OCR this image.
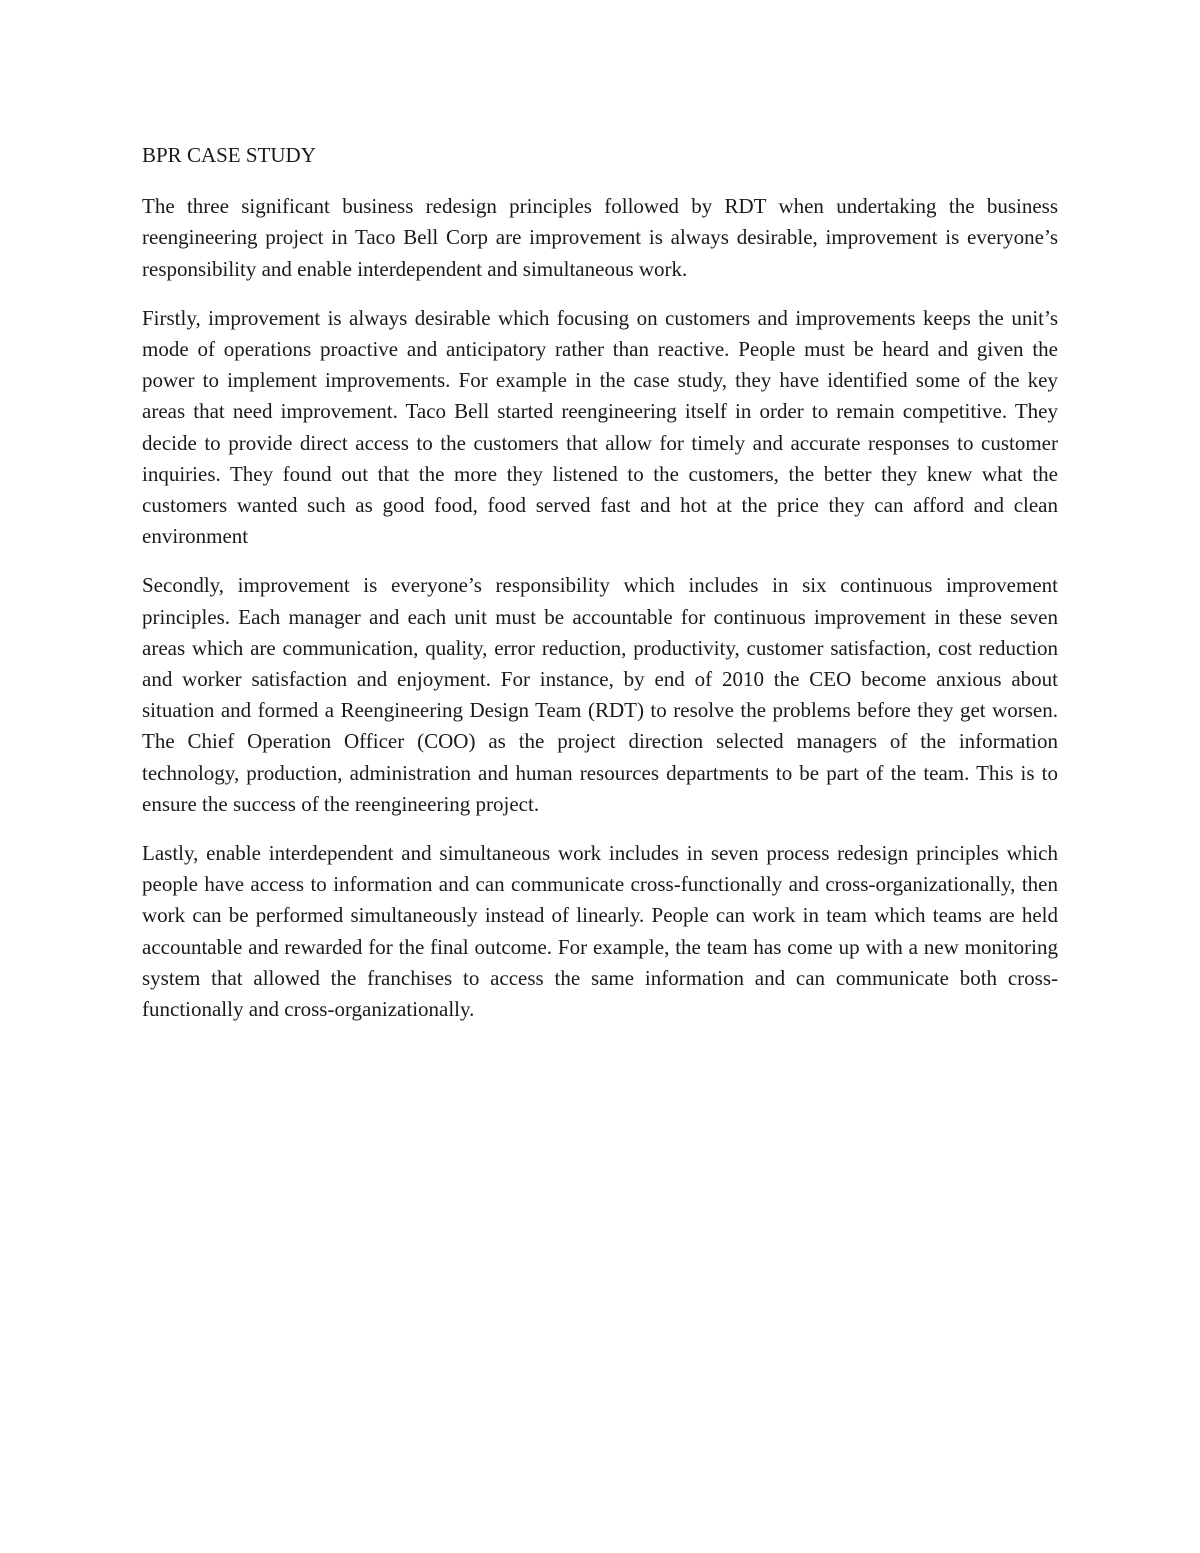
BPR CASE STUDY

The three significant business redesign principles followed by RDT when undertaking the business reengineering project in Taco Bell Corp are improvement is always desirable, improvement is everyone’s responsibility and enable interdependent and simultaneous work.

Firstly, improvement is always desirable which focusing on customers and improvements keeps the unit’s mode of operations proactive and anticipatory rather than reactive. People must be heard and given the power to implement improvements. For example in the case study, they have identified some of the key areas that need improvement. Taco Bell started reengineering itself in order to remain competitive. They decide to provide direct access to the customers that allow for timely and accurate responses to customer inquiries. They found out that the more they listened to the customers, the better they knew what the customers wanted such as good food, food served fast and hot at the price they can afford and clean environment

Secondly, improvement is everyone’s responsibility which includes in six continuous improvement principles. Each manager and each unit must be accountable for continuous improvement in these seven areas which are communication, quality, error reduction, productivity, customer satisfaction, cost reduction and worker satisfaction and enjoyment. For instance, by end of 2010 the CEO become anxious about situation and formed a Reengineering Design Team (RDT) to resolve the problems before they get worsen. The Chief Operation Officer (COO) as the project direction selected managers of the information technology, production, administration and human resources departments to be part of the team. This is to ensure the success of the reengineering project.

Lastly, enable interdependent and simultaneous work includes in seven process redesign principles which people have access to information and can communicate cross-functionally and cross-organizationally, then work can be performed simultaneously instead of linearly. People can work in team which teams are held accountable and rewarded for the final outcome. For example, the team has come up with a new monitoring system that allowed the franchises to access the same information and can communicate both cross-functionally and cross-organizationally.
